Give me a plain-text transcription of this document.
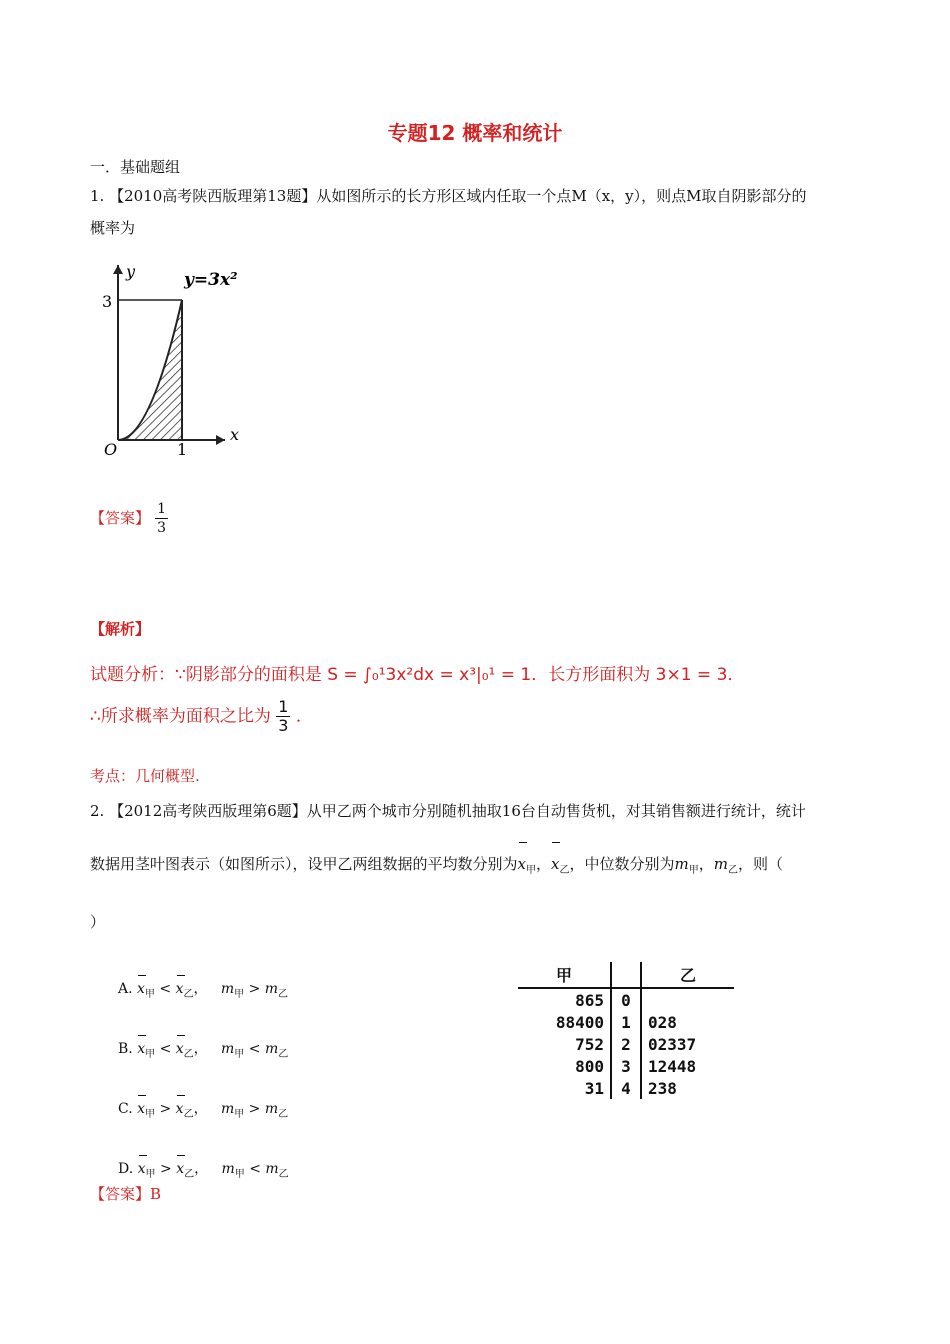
专题12 概率和统计
一．基础题组
1. 【2010高考陕西版理第13题】从如图所示的长方形区域内任取一个点M（x，y），则点M取自阴影部分的
概率为
y
x
y=3x²
3
1
O
【答案】 $\frac{1}{3}$
【解析】
试题分析：∵阴影部分的面积是 S = ∫₀¹3x²dx = x³|₀¹ = 1．长方形面积为 3×1 = 3．
∴所求概率为面积之比为 $\frac{1}{3}$ ．
考点：几何概型.
2. 【2012高考陕西版理第6题】从甲乙两个城市分别随机抽取16台自动售货机，对其销售额进行统计，统计
数据用茎叶图表示（如图所示），设甲乙两组数据的平均数分别为$x_甲$，$x_乙$，中位数分别为$m_甲$，$m_乙$，则（
）
A. $x_甲 < x_乙$，   $m_甲 > m_乙$
B. $x_甲 < x_乙$，   $m_甲 < m_乙$
C. $x_甲 > x_乙$，   $m_甲 > m_乙$
D. $x_甲 > x_乙$，   $m_甲 < m_乙$
甲		乙
865	0	
88400	1	028
752	2	02337
800	3	12448
31	4	238
【答案】B
